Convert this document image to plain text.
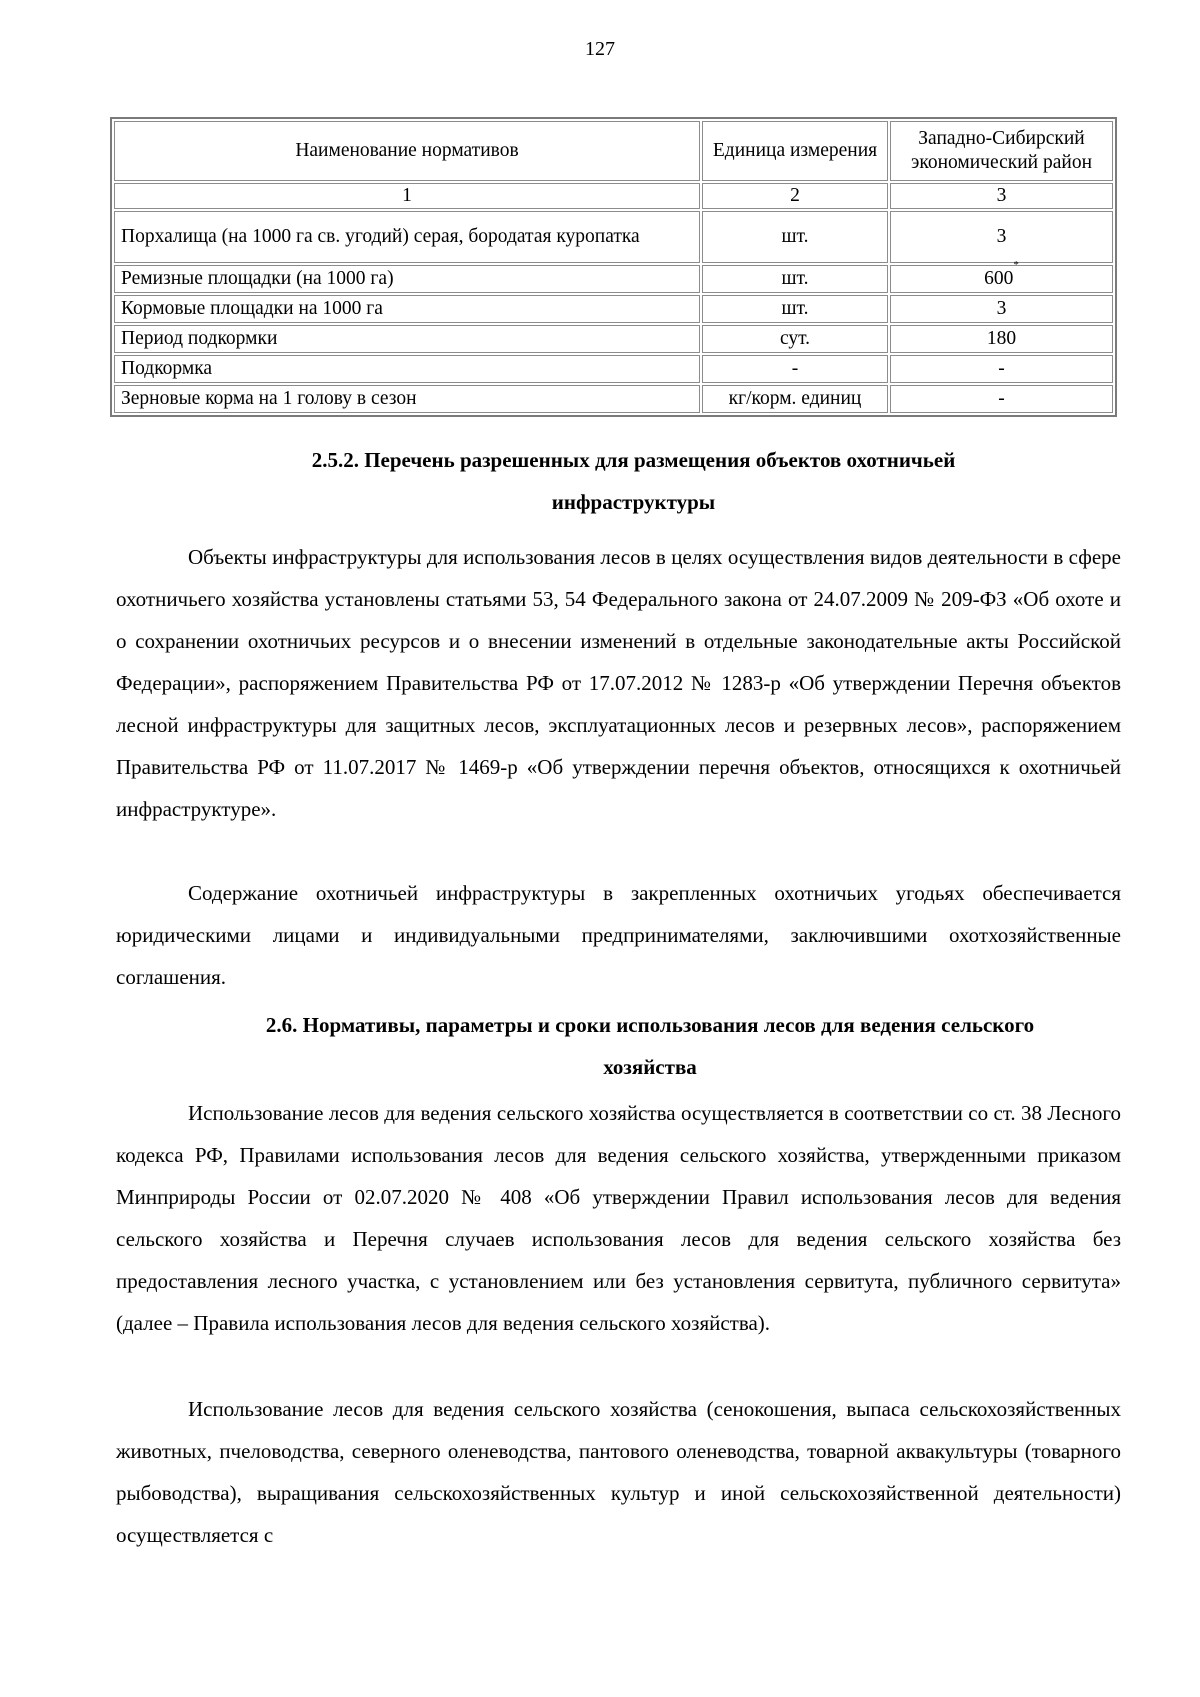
127
Наименование нормативов	Единица измерения	Западно-Сибирский экономический район
1	2	3
Порхалища (на 1000 га св. угодий) серая, бородатая куропатка	шт.	3
Ремизные площадки (на 1000 га)	шт.	600*
Кормовые площадки на 1000 га	шт.	3
Период подкормки	сут.	180
Подкормка	-	-
Зерновые корма на 1 голову в сезон	кг/корм. единиц	-
2.5.2. Перечень разрешенных для размещения объектов охотничьей
инфраструктуры

Объекты инфраструктуры для использования лесов в целях осуществления видов деятельности в сфере охотничьего хозяйства установлены статьями 53, 54 Федерального закона от 24.07.2009 № 209-ФЗ «Об охоте и о сохранении охотничьих ресурсов и о внесении изменений в отдельные законодательные акты Российской Федерации», распоряжением Правительства РФ от 17.07.2012 № 1283-р «Об утверждении Перечня объектов лесной инфраструктуры для защитных лесов, эксплуатационных лесов и резервных лесов», распоряжением Правительства РФ от 11.07.2017 № 1469-р «Об утверждении перечня объектов, относящихся к охотничьей инфраструктуре».

Содержание охотничьей инфраструктуры в закрепленных охотничьих угодьях обеспечивается юридическими лицами и индивидуальными предпринимателями, заключившими охотхозяйственные соглашения.

2.6. Нормативы, параметры и сроки использования лесов для ведения сельского
хозяйства

Использование лесов для ведения сельского хозяйства осуществляется в соответствии со ст. 38 Лесного кодекса РФ, Правилами использования лесов для ведения сельского хозяйства, утвержденными приказом Минприроды России от 02.07.2020 № 408 «Об утверждении Правил использования лесов для ведения сельского хозяйства и Перечня случаев использования лесов для ведения сельского хозяйства без предоставления лесного участка, с установлением или без установления сервитута, публичного сервитута» (далее – Правила использования лесов для ведения сельского хозяйства).

Использование лесов для ведения сельского хозяйства (сенокошения, выпаса сельскохозяйственных животных, пчеловодства, северного оленеводства, пантового оленеводства, товарной аквакультуры (товарного рыбоводства), выращивания сельскохозяйственных культур и иной сельскохозяйственной деятельности) осуществляется с
